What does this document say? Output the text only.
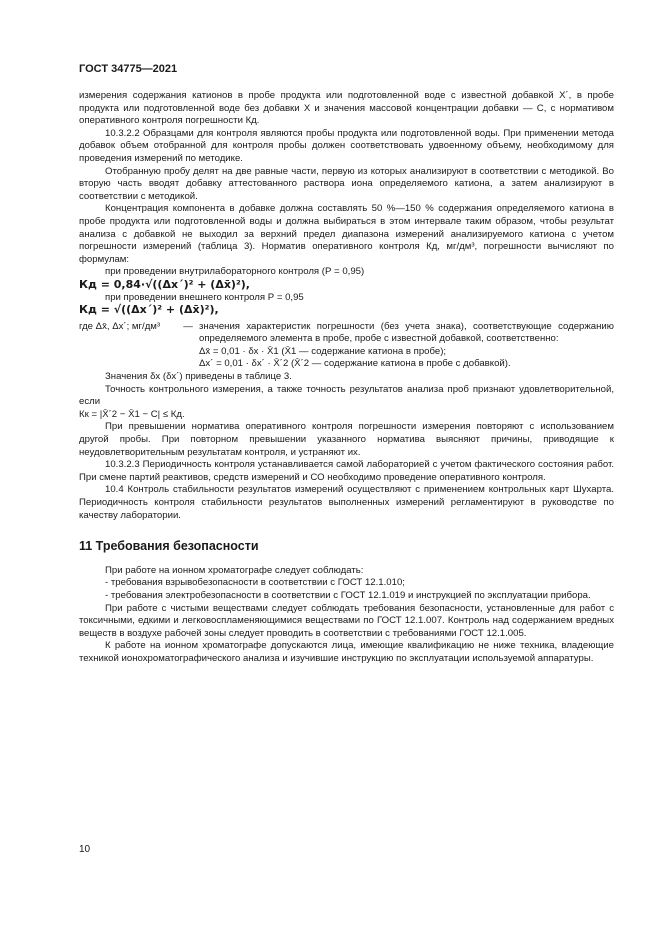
ГОСТ 34775—2021

измерения содержания катионов в пробе продукта или подготовленной воде с известной добавкой X´, в пробе продукта или подготовленной воде без добавки X и значения массовой концентрации добавки — С, с нормативом оперативного контроля погрешности Кд.

10.3.2.2 Образцами для контроля являются пробы продукта или подготовленной воды. При применении метода добавок объем отобранной для контроля пробы должен соответствовать удвоенному объему, необходимому для проведения измерений по методике.

Отобранную пробу делят на две равные части, первую из которых анализируют в соответствии с методикой. Во вторую часть вводят добавку аттестованного раствора иона определяемого катиона, а затем анализируют в соответствии с методикой.

Концентрация компонента в добавке должна составлять 50 %—150 % содержания определяемого катиона в пробе продукта или подготовленной воды и должна выбираться в этом интервале таким образом, чтобы результат анализа с добавкой не выходил за верхний предел диапазона измерений анализируемого катиона с учетом погрешности измерений (таблица 3). Норматив оперативного контроля Кд, мг/дм³, погрешности вычисляют по формулам:

при проведении внутрилабораторного контроля (Р = 0,95)

Кд = 0,84·√((Δx´)² + (Δx̄)²),

при проведении внешнего контроля Р = 0,95

Кд = √((Δx´)² + (Δx̄)²),

где Δx̄, Δx´; мг/дм³	— значения характеристик погрешности (без учета знака), соответствующие содержанию определяемого элемента в пробе, пробе с известной добавкой, соответственно:

Δx̄ = 0,01 · δx · X̄1 (X̄1 — содержание катиона в пробе);

Δx´ = 0,01 · δx´ · X̄´2 (X̄´2 — содержание катиона в пробе с добавкой).

Значения δx (δx´) приведены в таблице 3.

Точность контрольного измерения, а также точность результатов анализа проб признают удовлетворительной, если

Кк = |X̄´2 − X̄1 − С| ≤ Кд.

При превышении норматива оперативного контроля погрешности измерения повторяют с использованием другой пробы. При повторном превышении указанного норматива выясняют причины, приводящие к неудовлетворительным результатам контроля, и устраняют их.

10.3.2.3 Периодичность контроля устанавливается самой лабораторией с учетом фактического состояния работ. При смене партий реактивов, средств измерений и СО необходимо проведение оперативного контроля.

10.4 Контроль стабильности результатов измерений осуществляют с применением контрольных карт Шухарта. Периодичность контроля стабильности результатов выполненных измерений регламентируют в руководстве по качеству лаборатории.

11 Требования безопасности

При работе на ионном хроматографе следует соблюдать:

- требования взрывобезопасности в соответствии с ГОСТ 12.1.010;

- требования электробезопасности в соответствии с ГОСТ 12.1.019 и инструкцией по эксплуатации прибора.

При работе с чистыми веществами следует соблюдать требования безопасности, установленные для работ с токсичными, едкими и легковоспламеняющимися веществами по ГОСТ 12.1.007. Контроль над содержанием вредных веществ в воздухе рабочей зоны следует проводить в соответствии с требованиями ГОСТ 12.1.005.

К работе на ионном хроматографе допускаются лица, имеющие квалификацию не ниже техника, владеющие техникой ионохроматографического анализа и изучившие инструкцию по эксплуатации используемой аппаратуры.

10
